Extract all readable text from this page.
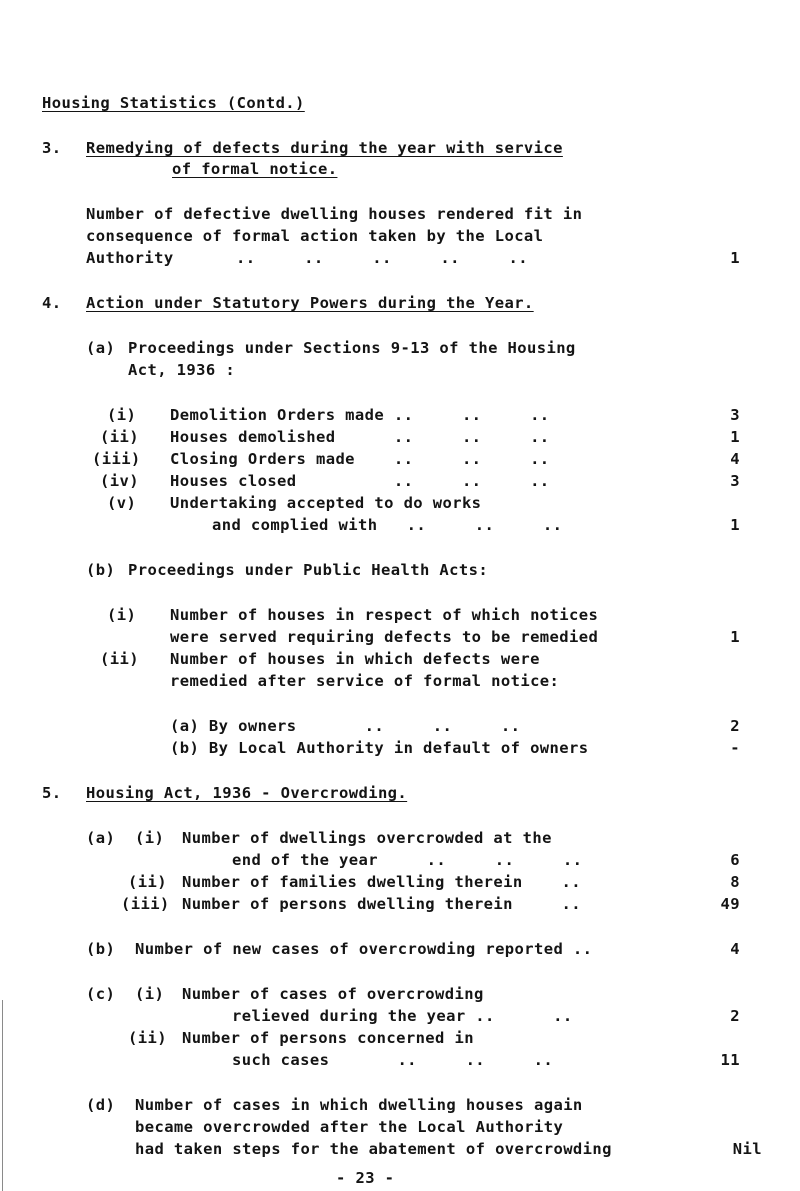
Housing Statistics (Contd.)
3. Remedying of defects during the year with service
of formal notice.
Number of defective dwelling houses rendered fit in
consequence of formal action taken by the Local
Authority	..     ..     ..     ..     ..	1
4. Action under Statutory Powers during the Year.
(a) Proceedings under Sections 9-13 of the Housing
Act, 1936 :
(i) Demolition Orders made ..     ..     ..	3
(ii) Houses demolished      ..     ..     ..	1
(iii) Closing Orders made    ..     ..     ..	4
(iv) Houses closed          ..     ..     ..	3
(v) Undertaking accepted to do works
and complied with   ..     ..     ..	1
(b) Proceedings under Public Health Acts:
(i) Number of houses in respect of which notices
were served requiring defects to be remedied	1
(ii) Number of houses in which defects were
remedied after service of formal notice:
(a) By owners       ..     ..     ..	2
(b) By Local Authority in default of owners	-
5. Housing Act, 1936 - Overcrowding.
(a) (i) Number of dwellings overcrowded at the
end of the year     ..     ..     ..	6
(ii) Number of families dwelling therein    ..	8
(iii) Number of persons dwelling therein     ..	49
(b) Number of new cases of overcrowding reported ..	4
(c) (i) Number of cases of overcrowding
relieved during the year ..      ..	2
(ii) Number of persons concerned in
such cases       ..     ..     ..	11
(d) Number of cases in which dwelling houses again
became overcrowded after the Local Authority
had taken steps for the abatement of overcrowding	Nil
- 23 -
